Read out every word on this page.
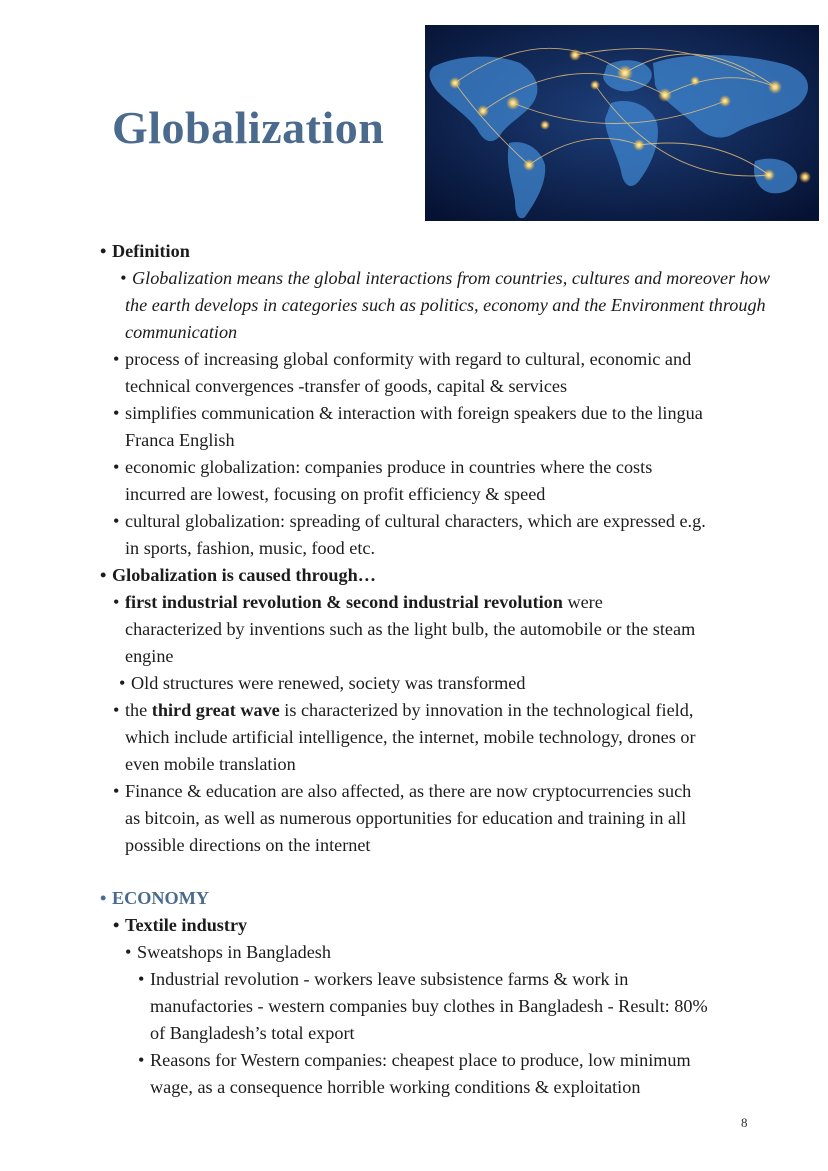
Globalization
• Definition
• Globalization means the global interactions from countries, cultures and moreover how
the earth develops in categories such as politics, economy and the Environment through
communication
• process of increasing global conformity with regard to cultural, economic and
technical convergences -transfer of goods, capital & services
• simplifies communication & interaction with foreign speakers due to the lingua
Franca English
• economic globalization: companies produce in countries where the costs
incurred are lowest, focusing on profit efficiency & speed
• cultural globalization: spreading of cultural characters, which are expressed e.g.
in sports, fashion, music, food etc.
• Globalization is caused through…
• first industrial revolution & second industrial revolution were
characterized by inventions such as the light bulb, the automobile or the steam
engine
• Old structures were renewed, society was transformed
• the third great wave is characterized by innovation in the technological field,
which include artificial intelligence, the internet, mobile technology, drones or
even mobile translation
• Finance & education are also affected, as there are now cryptocurrencies such
as bitcoin, as well as numerous opportunities for education and training in all
possible directions on the internet
• ECONOMY
• Textile industry
• Sweatshops in Bangladesh
• Industrial revolution - workers leave subsistence farms & work in
manufactories - western companies buy clothes in Bangladesh - Result: 80%
of Bangladesh’s total export
• Reasons for Western companies: cheapest place to produce, low minimum
wage, as a consequence horrible working conditions & exploitation
8
